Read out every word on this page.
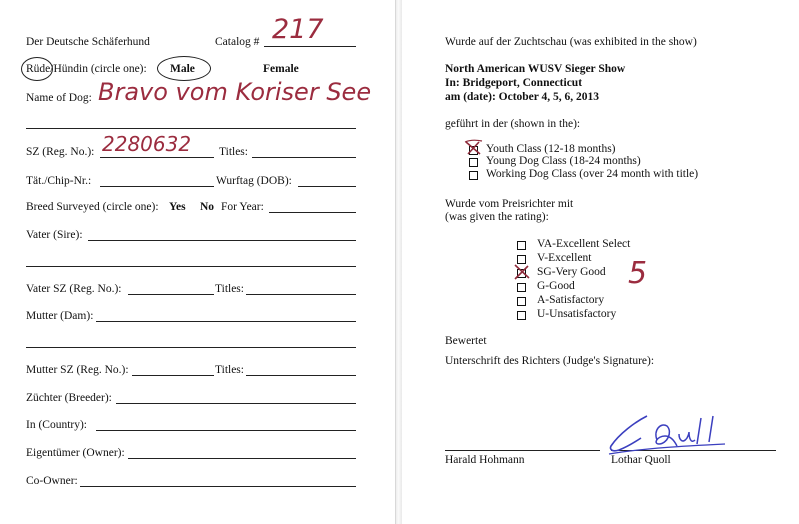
Der Deutsche Schäferhund	Catalog # 217
Rüde/Hündin (circle one): Male	Female
Name of Dog: Bravo vom Koriser See
SZ (Reg. No.): 2280632 Titles:
Tät./Chip-Nr.:	Wurftag (DOB):
Breed Surveyed (circle one): Yes No For Year:
Vater (Sire):
Vater SZ (Reg. No.):	Titles:
Mutter (Dam):
Mutter SZ (Reg. No.):	Titles:
Züchter (Breeder):
In (Country):
Eigentümer (Owner):
Co-Owner:
Wurde auf der Zuchtschau (was exhibited in the show)
North American WUSV Sieger Show
In: Bridgeport, Connecticut
am (date): October 4, 5, 6, 2013
geführt in der (shown in the):
Youth Class (12-18 months)
Young Dog Class (18-24 months)
Working Dog Class (over 24 month with title)
Wurde vom Preisrichter mit
(was given the rating):
VA-Excellent Select
V-Excellent
SG-Very Good
G-Good
A-Satisfactory
U-Unsatisfactory
5
Bewertet
Unterschrift des Richters (Judge's Signature):
Harald Hohmann	Lothar Quoll
